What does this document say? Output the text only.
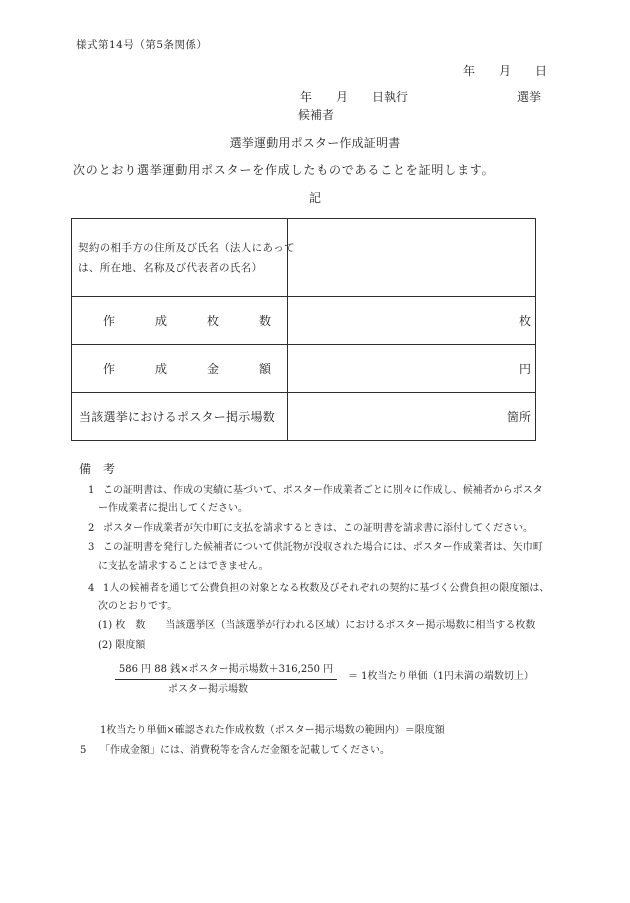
様式第14号（第5条関係）
年　　月　　日
年　　月　　日執行	選挙
候補者
選挙運動用ポスター作成証明書
次のとおり選挙運動用ポスターを作成したものであることを証明します。
記
契約の相手方の住所及び氏名（法人にあって
は、所在地、名称及び代表者の氏名）
作成枚数	枚
作成金額	円
当該選挙におけるポスター掲示場数	箇所
備　考
1 この証明書は、作成の実績に基づいて、ポスター作成業者ごとに別々に作成し、候補者からポスタ
ー作成業者に提出してください。
2 ポスター作成業者が矢巾町に支払を請求するときは、この証明書を請求書に添付してください。
3 この証明書を発行した候補者について供託物が没収された場合には、ポスター作成業者は、矢巾町
に支払を請求することはできません。
4 1人の候補者を通じて公費負担の対象となる枚数及びそれぞれの契約に基づく公費負担の限度額は、
次のとおりです。
(1) 枚　数　　当該選挙区（当該選挙が行われる区域）におけるポスター掲示場数に相当する枚数
(2) 限度額
586 円 88 銭×ポスター掲示場数＋316,250 円
ポスター掲示場数
＝ 1枚当たり単価（1円未満の端数切上）
1枚当たり単価×確認された作成枚数（ポスター掲示場数の範囲内）＝限度額
5	「作成金額」には、消費税等を含んだ金額を記載してください。
